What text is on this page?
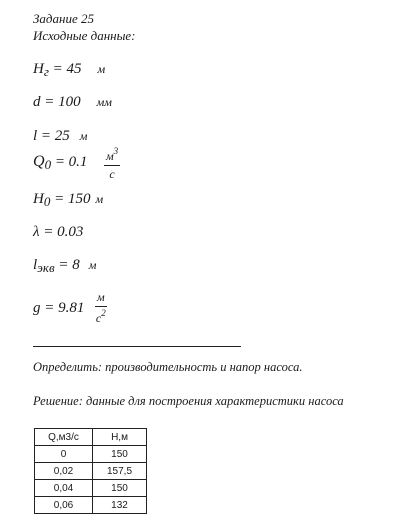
Задание 25
Исходные данные:
$H_г = 45$ м
d = 100 мм
l = 25 м
$Q_0 = 0.1$ $м^3$
с
$H_0 = 150$ м
λ = 0.03
$l_{экв} = 8$ м
g = 9.81
м
$с^2$
Определить: производительность и напор насоса.
Решение: данные для построения характеристики насоса
Q,м3/с	Н,м
0	150
0,02	157,5
0,04	150
0,06	132
